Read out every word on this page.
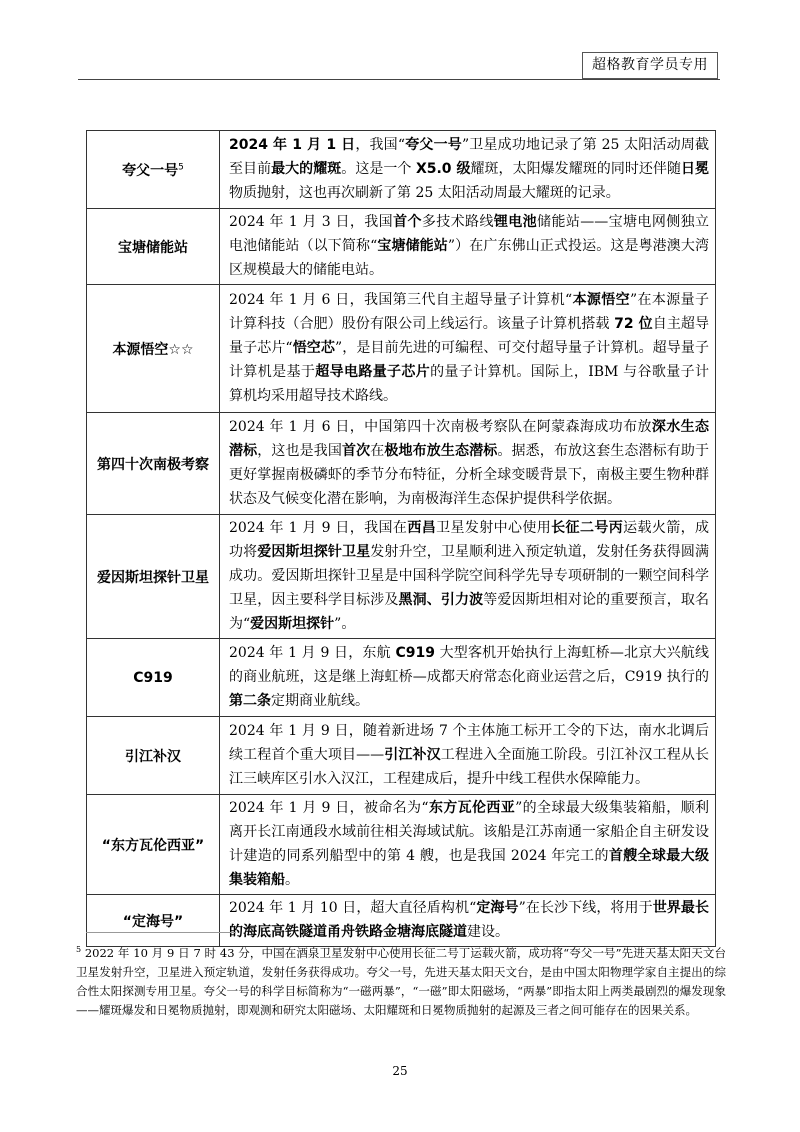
超格教育学员专用
夸父一号$^5$	2024 年 1 月 1 日，我国“夸父一号”卫星成功地记录了第 25 太阳活动周截至目前最大的耀斑。这是一个 X5.0 级耀斑，太阳爆发耀斑的同时还伴随日冕物质抛射，这也再次刷新了第 25 太阳活动周最大耀斑的记录。
宝塘储能站	2024 年 1 月 3 日，我国首个多技术路线锂电池储能站——宝塘电网侧独立电池储能站（以下简称“宝塘储能站”）在广东佛山正式投运。这是粤港澳大湾区规模最大的储能电站。
本源悟空☆☆	2024 年 1 月 6 日，我国第三代自主超导量子计算机“本源悟空”在本源量子计算科技（合肥）股份有限公司上线运行。该量子计算机搭载 72 位自主超导量子芯片“悟空芯”，是目前先进的可编程、可交付超导量子计算机。超导量子计算机是基于超导电路量子芯片的量子计算机。国际上，IBM 与谷歌量子计算机均采用超导技术路线。
第四十次南极考察	2024 年 1 月 6 日，中国第四十次南极考察队在阿蒙森海成功布放深水生态潜标，这也是我国首次在极地布放生态潜标。据悉，布放这套生态潜标有助于更好掌握南极磷虾的季节分布特征，分析全球变暖背景下，南极主要生物种群状态及气候变化潜在影响，为南极海洋生态保护提供科学依据。
爱因斯坦探针卫星	2024 年 1 月 9 日，我国在西昌卫星发射中心使用长征二号丙运载火箭，成功将爱因斯坦探针卫星发射升空，卫星顺利进入预定轨道，发射任务获得圆满成功。爱因斯坦探针卫星是中国科学院空间科学先导专项研制的一颗空间科学卫星，因主要科学目标涉及黑洞、引力波等爱因斯坦相对论的重要预言，取名为“爱因斯坦探针”。
C919	2024 年 1 月 9 日，东航 C919 大型客机开始执行上海虹桥—北京大兴航线的商业航班，这是继上海虹桥—成都天府常态化商业运营之后，C919 执行的第二条定期商业航线。
引江补汉	2024 年 1 月 9 日，随着新进场 7 个主体施工标开工令的下达，南水北调后续工程首个重大项目——引江补汉工程进入全面施工阶段。引江补汉工程从长江三峡库区引水入汉江，工程建成后，提升中线工程供水保障能力。
“东方瓦伦西亚”	2024 年 1 月 9 日，被命名为“东方瓦伦西亚”的全球最大级集装箱船，顺利离开长江南通段水域前往相关海域试航。该船是江苏南通一家船企自主研发设计建造的同系列船型中的第 4 艘，也是我国 2024 年完工的首艘全球最大级集装箱船。
“定海号”	2024 年 1 月 10 日，超大直径盾构机“定海号”在长沙下线，将用于世界最长的海底高铁隧道甬舟铁路金塘海底隧道建设。
$^5$ 2022 年 10 月 9 日 7 时 43 分，中国在酒泉卫星发射中心使用长征二号丁运载火箭，成功将“夸父一号”先进天基太阳天文台卫星发射升空，卫星进入预定轨道，发射任务获得成功。夸父一号，先进天基太阳天文台，是由中国太阳物理学家自主提出的综合性太阳探测专用卫星。夸父一号的科学目标简称为“一磁两暴”，“一磁”即太阳磁场，“两暴”即指太阳上两类最剧烈的爆发现象——耀斑爆发和日冕物质抛射，即观测和研究太阳磁场、太阳耀斑和日冕物质抛射的起源及三者之间可能存在的因果关系。
25
